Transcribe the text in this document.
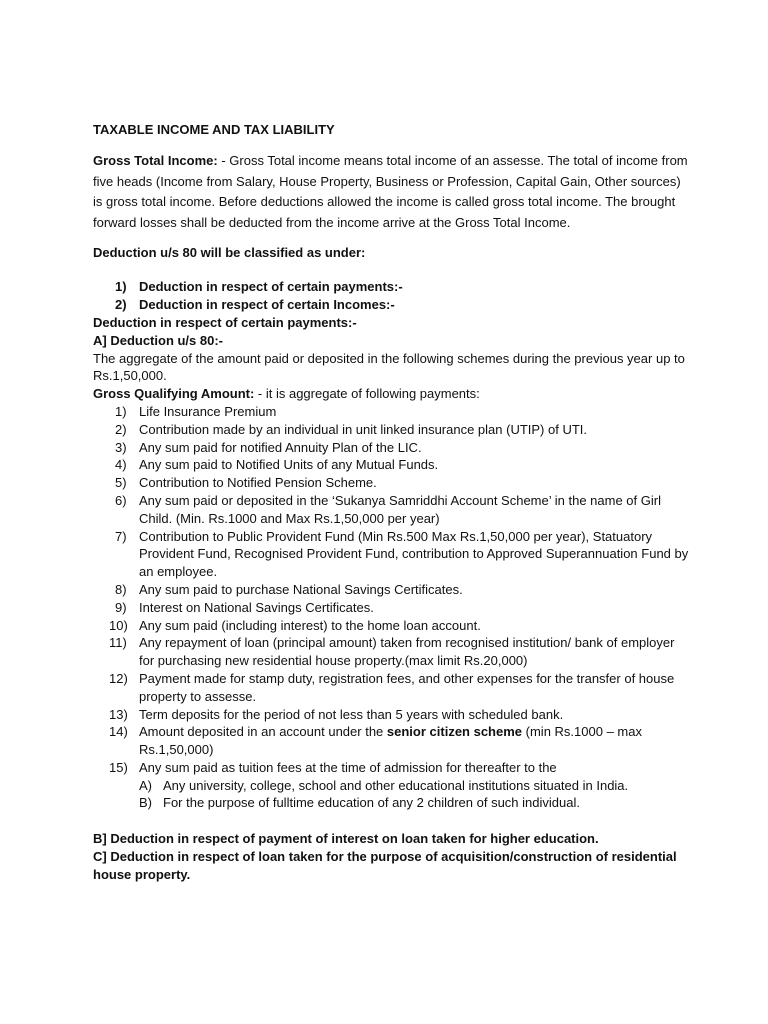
TAXABLE INCOME AND TAX LIABILITY

Gross Total Income: - Gross Total income means total income of an assesse. The total of income from five heads (Income from Salary, House Property, Business or Profession, Capital Gain, Other sources) is gross total income. Before deductions allowed the income is called gross total income. The brought forward losses shall be deducted from the income arrive at the Gross Total Income.

Deduction u/s 80 will be classified as under:
1) Deduction in respect of certain payments:-
2) Deduction in respect of certain Incomes:-
Deduction in respect of certain payments:-
A] Deduction u/s 80:-
The aggregate of the amount paid or deposited in the following schemes during the previous year up to Rs.1,50,000.
Gross Qualifying Amount: - it is aggregate of following payments:
1) Life Insurance Premium
2) Contribution made by an individual in unit linked insurance plan (UTIP) of UTI.
3) Any sum paid for notified Annuity Plan of the LIC.
4) Any sum paid to Notified Units of any Mutual Funds.
5) Contribution to Notified Pension Scheme.
6) Any sum paid or deposited in the ‘Sukanya Samriddhi Account Scheme’ in the name of Girl Child. (Min. Rs.1000 and Max Rs.1,50,000 per year)
7) Contribution to Public Provident Fund (Min Rs.500 Max Rs.1,50,000 per year), Statuatory Provident Fund, Recognised Provident Fund, contribution to Approved Superannuation Fund by an employee.
8) Any sum paid to purchase National Savings Certificates.
9) Interest on National Savings Certificates.
10) Any sum paid (including interest) to the home loan account.
11) Any repayment of loan (principal amount) taken from recognised institution/ bank of employer for purchasing new residential house property.(max limit Rs.20,000)
12) Payment made for stamp duty, registration fees, and other expenses for the transfer of house property to assesse.
13) Term deposits for the period of not less than 5 years with scheduled bank.
14) Amount deposited in an account under the senior citizen scheme (min Rs.1000 – max Rs.1,50,000)
15) Any sum paid as tuition fees at the time of admission for thereafter to the
A) Any university, college, school and other educational institutions situated in India.
B) For the purpose of fulltime education of any 2 children of such individual.
B] Deduction in respect of payment of interest on loan taken for higher education.
C] Deduction in respect of loan taken for the purpose of acquisition/construction of residential house property.
